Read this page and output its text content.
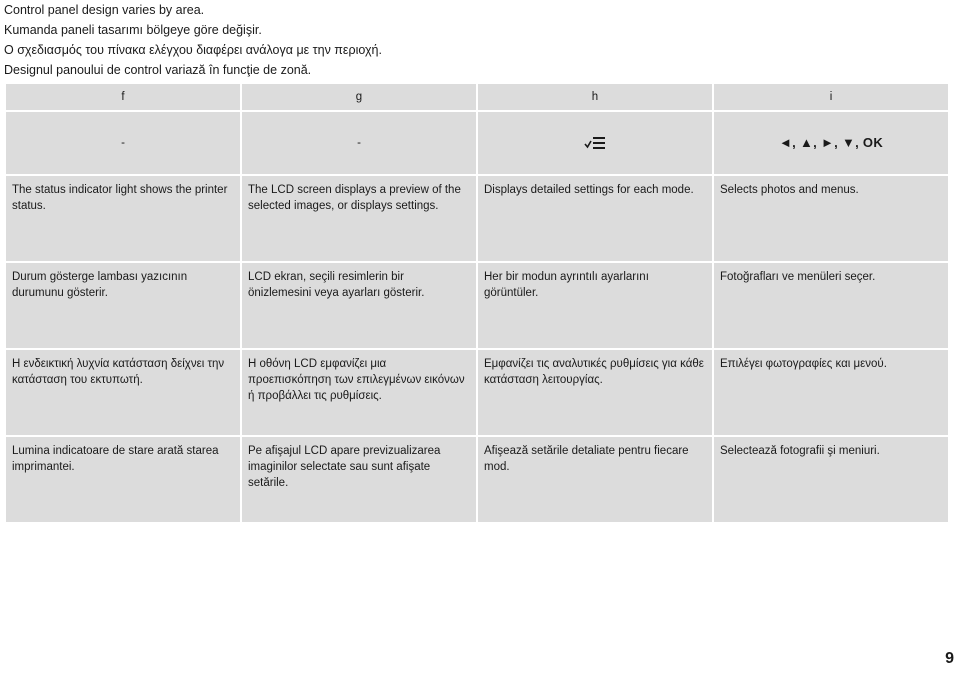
Control panel design varies by area.
Kumanda paneli tasarımı bölgeye göre değişir.
Ο σχεδιασμός του πίνακα ελέγχου διαφέρει ανάλογα με την περιοχή.
Designul panoului de control variază în funcţie de zonă.
f	g	h	i
-	-		◄, ▲, ►, ▼, OK
The status indicator light shows the printer status.	The LCD screen displays a preview of the selected images, or displays settings.	Displays detailed settings for each mode.	Selects photos and menus.
Durum gösterge lambası yazıcının durumunu gösterir.	LCD ekran, seçili resimlerin bir önizlemesini veya ayarları gösterir.	Her bir modun ayrıntılı ayarlarını görüntüler.	Fotoğrafları ve menüleri seçer.
Η ενδεικτική λυχνία κατάσταση δείχνει την κατάσταση του εκτυπωτή.	Η οθόνη LCD εμφανίζει μια προεπισκόπηση των επιλεγμένων εικόνων ή προβάλλει τις ρυθμίσεις.	Εμφανίζει τις αναλυτικές ρυθμίσεις για κάθε κατάσταση λειτουργίας.	Επιλέγει φωτογραφίες και μενού.
Lumina indicatoare de stare arată starea imprimantei.	Pe afişajul LCD apare previzualizarea imaginilor selectate sau sunt afişate setările.	Afişează setările detaliate pentru fiecare mod.	Selectează fotografii şi meniuri.
9
